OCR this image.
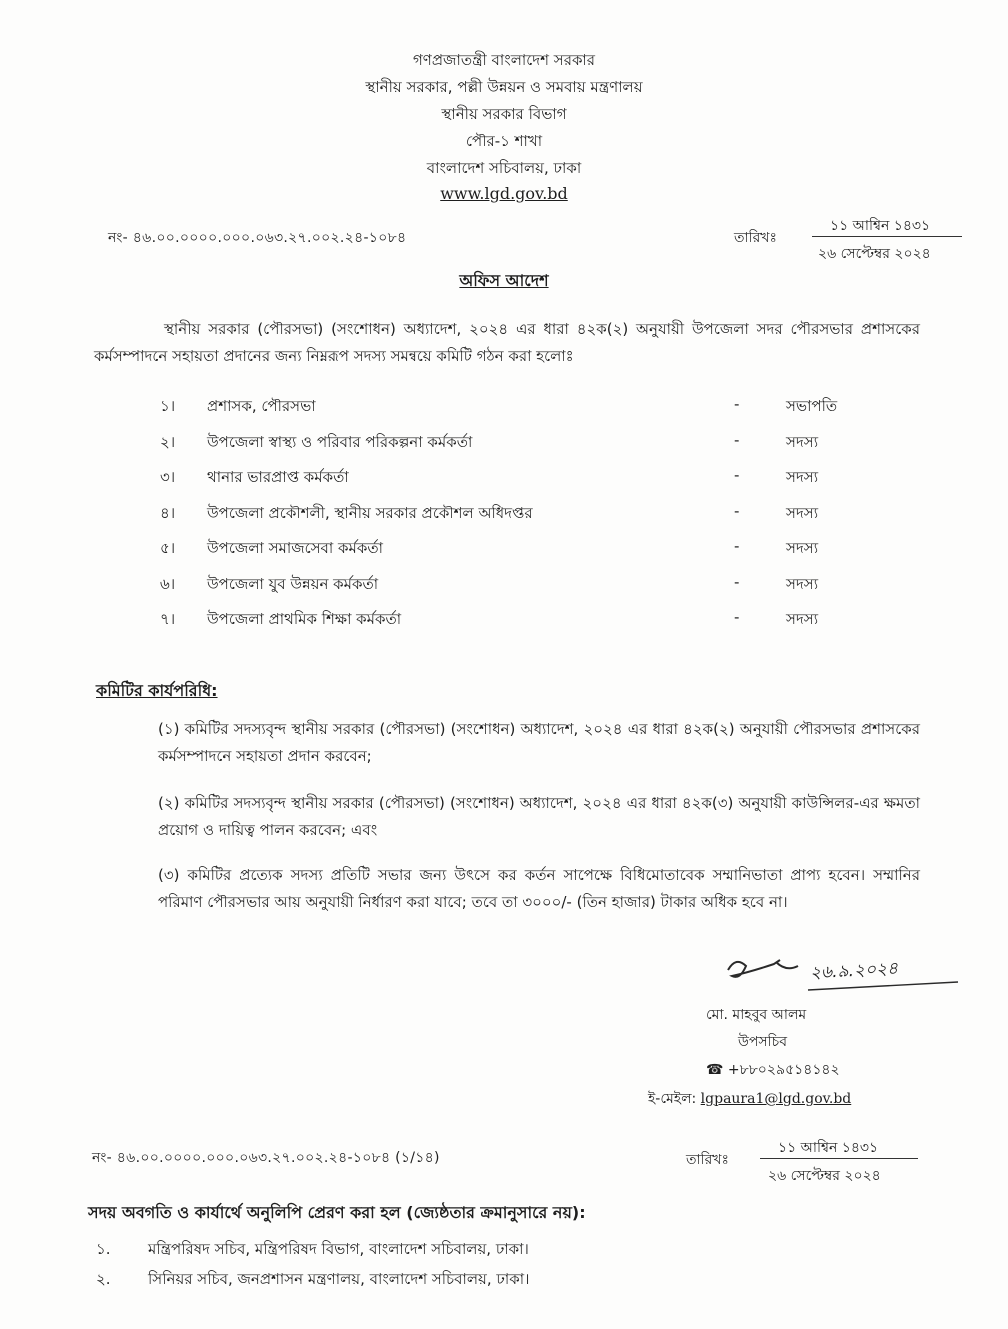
গণপ্রজাতন্ত্রী বাংলাদেশ সরকার
স্থানীয় সরকার, পল্লী উন্নয়ন ও সমবায় মন্ত্রণালয়
স্থানীয় সরকার বিভাগ
পৌর-১ শাখা
বাংলাদেশ সচিবালয়, ঢাকা
www.lgd.gov.bd
নং- ৪৬.০০.০০০০.০০০.০৬৩.২৭.০০২.২৪-১০৮৪	তারিখঃ
১১ আশ্বিন ১৪৩১
২৬ সেপ্টেম্বর ২০২৪
অফিস আদেশ
স্থানীয় সরকার (পৌরসভা) (সংশোধন) অধ্যাদেশ, ২০২৪ এর ধারা ৪২ক(২) অনুযায়ী উপজেলা সদর পৌরসভার প্রশাসকের কর্মসম্পাদনে সহায়তা প্রদানের জন্য নিম্নরূপ সদস্য সমন্বয়ে কমিটি গঠন করা হলোঃ
১। প্রশাসক, পৌরসভা	-	সভাপতি
২। উপজেলা স্বাস্থ্য ও পরিবার পরিকল্পনা কর্মকর্তা	-	সদস্য
৩। থানার ভারপ্রাপ্ত কর্মকর্তা	-	সদস্য
৪। উপজেলা প্রকৌশলী, স্থানীয় সরকার প্রকৌশল অধিদপ্তর	-	সদস্য
৫। উপজেলা সমাজসেবা কর্মকর্তা	-	সদস্য
৬। উপজেলা যুব উন্নয়ন কর্মকর্তা	-	সদস্য
৭। উপজেলা প্রাথমিক শিক্ষা কর্মকর্তা	-	সদস্য
কমিটির কার্যপরিধি:
(১) কমিটির সদস্যবৃন্দ স্থানীয় সরকার (পৌরসভা) (সংশোধন) অধ্যাদেশ, ২০২৪ এর ধারা ৪২ক(২) অনুযায়ী পৌরসভার প্রশাসকের কর্মসম্পাদনে সহায়তা প্রদান করবেন;
(২) কমিটির সদস্যবৃন্দ স্থানীয় সরকার (পৌরসভা) (সংশোধন) অধ্যাদেশ, ২০২৪ এর ধারা ৪২ক(৩) অনুযায়ী কাউন্সিলর-এর ক্ষমতা প্রয়োগ ও দায়িত্ব পালন করবেন; এবং
(৩) কমিটির প্রত্যেক সদস্য প্রতিটি সভার জন্য উৎসে কর কর্তন সাপেক্ষে বিধিমোতাবেক সম্মানিভাতা প্রাপ্য হবেন। সম্মানির পরিমাণ পৌরসভার আয় অনুযায়ী নির্ধারণ করা যাবে; তবে তা ৩০০০/- (তিন হাজার) টাকার অধিক হবে না।
২৬.৯.২০২৪
মো. মাহবুব আলম
উপসচিব
☎ +৮৮০২৯৫১৪১৪২
ই-মেইল: lgpaura1@lgd.gov.bd
নং- ৪৬.০০.০০০০.০০০.০৬৩.২৭.০০২.২৪-১০৮৪ (১/১৪)	তারিখঃ
১১ আশ্বিন ১৪৩১
২৬ সেপ্টেম্বর ২০২৪
সদয় অবগতি ও কার্যার্থে অনুলিপি প্রেরণ করা হল (জ্যেষ্ঠতার ক্রমানুসারে নয়):
১. মন্ত্রিপরিষদ সচিব, মন্ত্রিপরিষদ বিভাগ, বাংলাদেশ সচিবালয়, ঢাকা।
২. সিনিয়র সচিব, জনপ্রশাসন মন্ত্রণালয়, বাংলাদেশ সচিবালয়, ঢাকা।
